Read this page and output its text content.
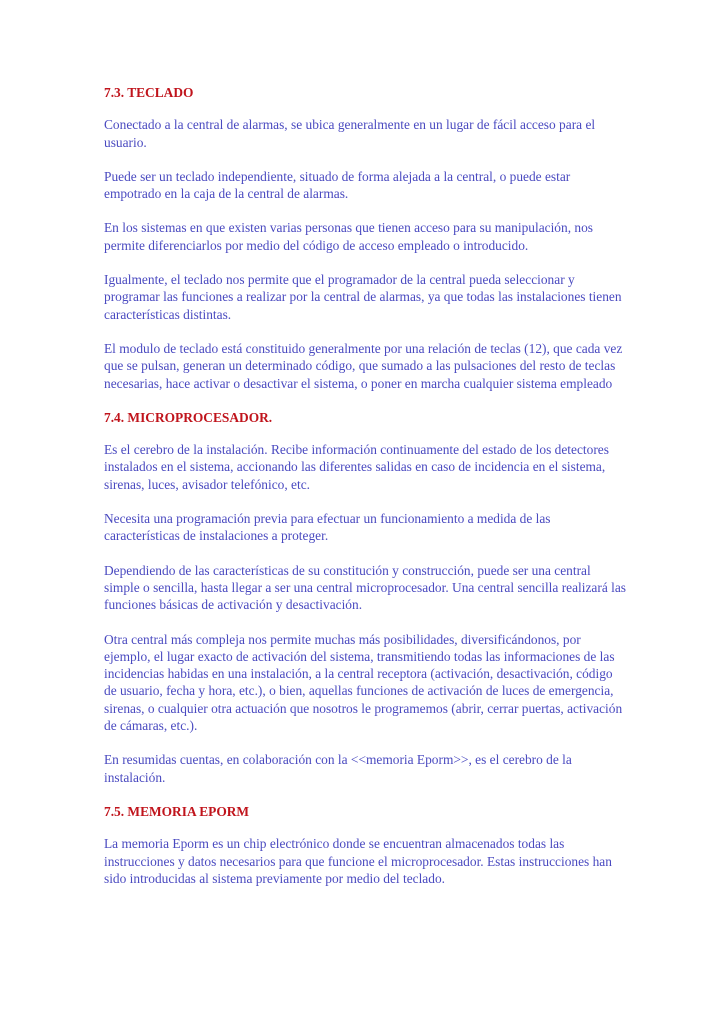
7.3. TECLADO

Conectado a la central de alarmas, se ubica generalmente en un lugar de fácil acceso para el usuario.

Puede ser un teclado independiente, situado de forma alejada a la central, o puede estar empotrado en la caja de la central de alarmas.

En los sistemas en que existen varias personas que tienen acceso para su manipulación, nos permite diferenciarlos por medio del código de acceso empleado o introducido.

Igualmente, el teclado nos permite que el programador de la central pueda seleccionar y programar las funciones a realizar por la central de alarmas, ya que todas las instalaciones tienen características distintas.

El modulo de teclado está constituido generalmente por una relación de teclas (12), que cada vez que se pulsan, generan un determinado código, que sumado a las pulsaciones del resto de teclas necesarias, hace activar o desactivar el sistema, o poner en marcha cualquier sistema empleado

7.4. MICROPROCESADOR.

Es el cerebro de la instalación. Recibe información continuamente del estado de los detectores instalados en el sistema, accionando las diferentes salidas en caso de incidencia en el sistema, sirenas, luces, avisador telefónico, etc.

Necesita una programación previa para efectuar un funcionamiento a medida de las características de instalaciones a proteger.

Dependiendo de las características de su constitución y construcción, puede ser una central simple o sencilla, hasta llegar a ser una central microprocesador. Una central sencilla realizará las funciones básicas de activación y desactivación.

Otra central más compleja nos permite muchas más posibilidades, diversificándonos, por ejemplo, el lugar exacto de activación del sistema, transmitiendo todas las informaciones de las incidencias habidas en una instalación, a la central receptora (activación, desactivación, código de usuario, fecha y hora, etc.), o bien, aquellas funciones de activación de luces de emergencia, sirenas, o cualquier otra actuación que nosotros le programemos (abrir, cerrar puertas, activación de cámaras, etc.).

En resumidas cuentas, en colaboración con la <<memoria Eporm>>, es el cerebro de la instalación.

7.5. MEMORIA EPORM

La memoria Eporm es un chip electrónico donde se encuentran almacenados todas las instrucciones y datos necesarios para que funcione el microprocesador. Estas instrucciones han sido introducidas al sistema previamente por medio del teclado.
